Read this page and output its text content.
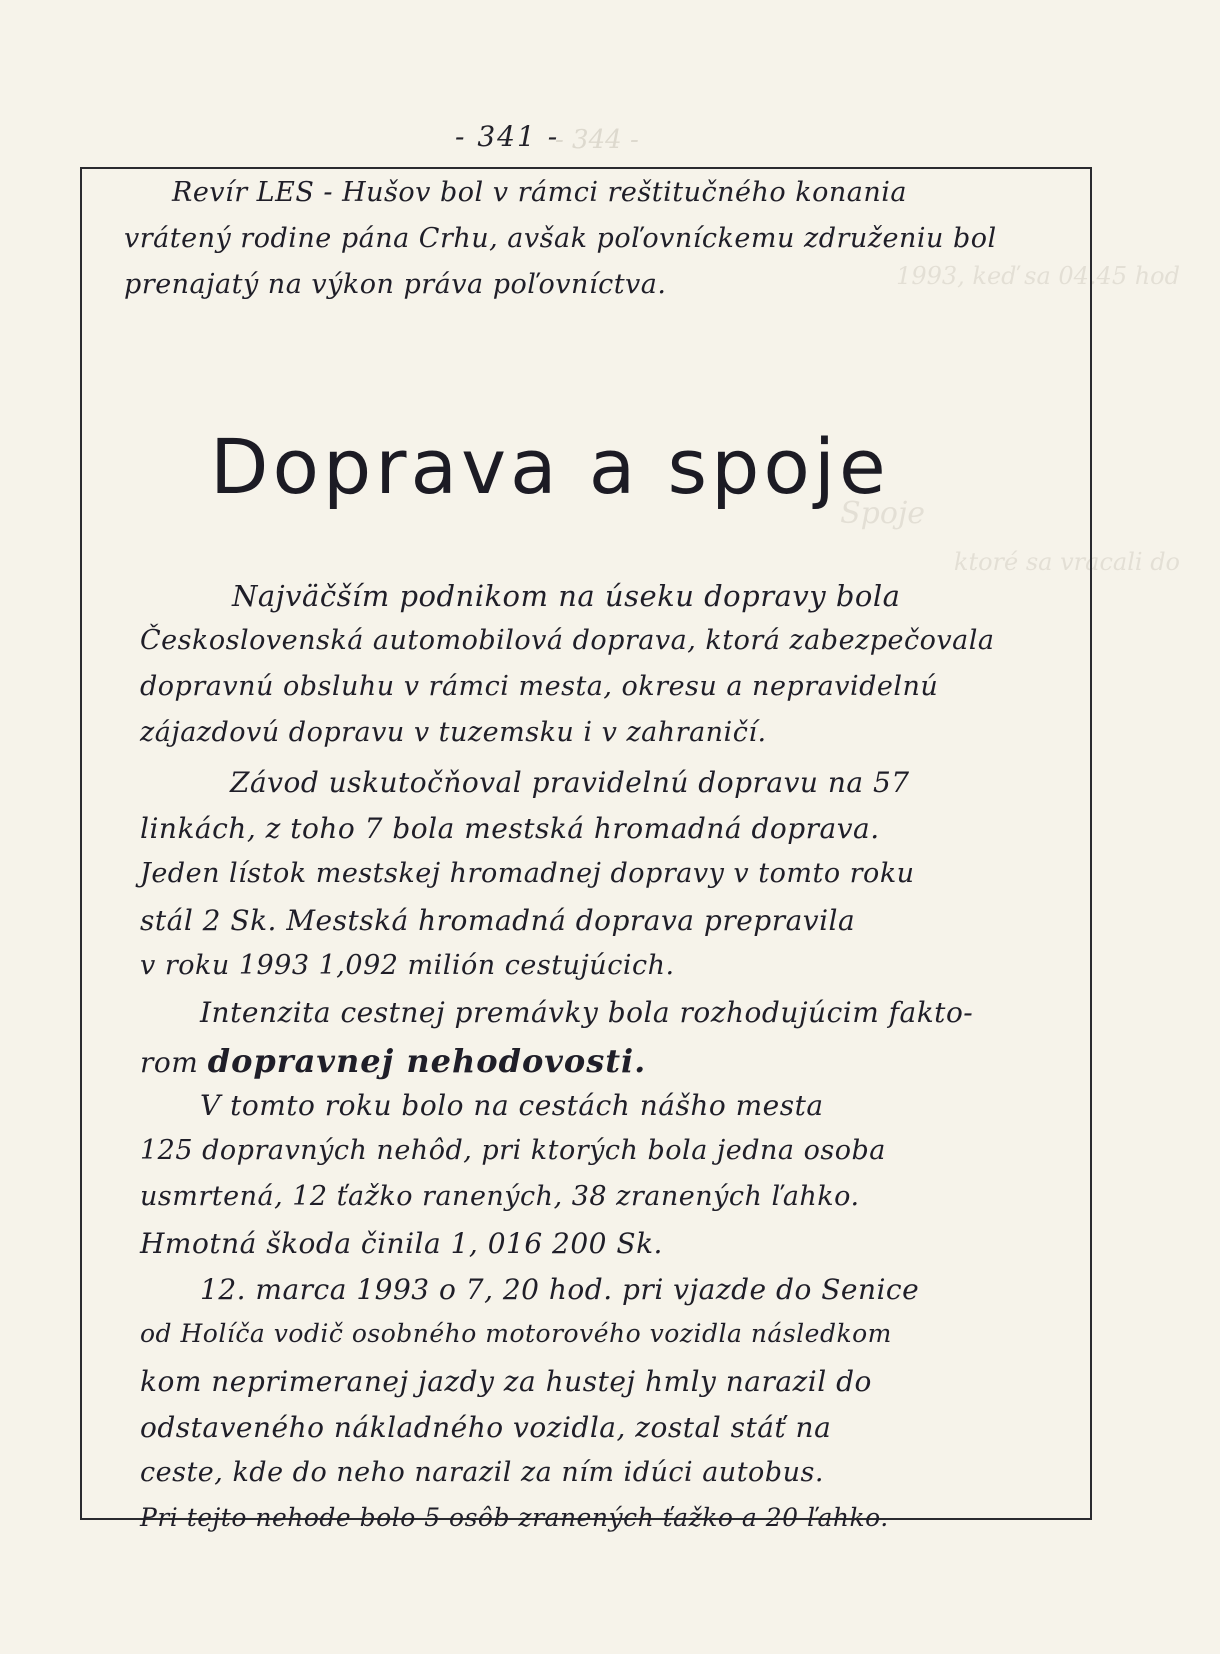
- 344 -
1993, keď sa 04.45 hod
ktoré sa vracali do
Spoje
- 341 -
Revír LES - Hušov bol v rámci reštitučného konania
vrátený rodine pána Crhu, avšak poľovníckemu združeniu bol
prenajatý na výkon práva poľovníctva.
Doprava a spoje
Najväčším podnikom na úseku dopravy bola
Československá automobilová doprava, ktorá zabezpečovala
dopravnú obsluhu v rámci mesta, okresu a nepravidelnú
zájazdovú dopravu v tuzemsku i v zahraničí.
Závod uskutočňoval pravidelnú dopravu na 57
linkách, z toho 7 bola mestská hromadná doprava.
Jeden lístok mestskej hromadnej dopravy v tomto roku
stál 2 Sk. Mestská hromadná doprava prepravila
v roku 1993 1,092 milión cestujúcich.
Intenzita cestnej premávky bola rozhodujúcim fakto-
rom dopravnej nehodovosti.
V tomto roku bolo na cestách nášho mesta
125 dopravných nehôd, pri ktorých bola jedna osoba
usmrtená, 12 ťažko ranených, 38 zranených ľahko.
Hmotná škoda činila 1, 016 200 Sk.
12. marca 1993 o 7, 20 hod. pri vjazde do Senice
od Holíča vodič osobného motorového vozidla následkom
kom neprimeranej jazdy za hustej hmly narazil do
odstaveného nákladného vozidla, zostal stáť na
ceste, kde do neho narazil za ním idúci autobus.
Pri tejto nehode bolo 5 osôb zranených ťažko a 20 ľahko.
